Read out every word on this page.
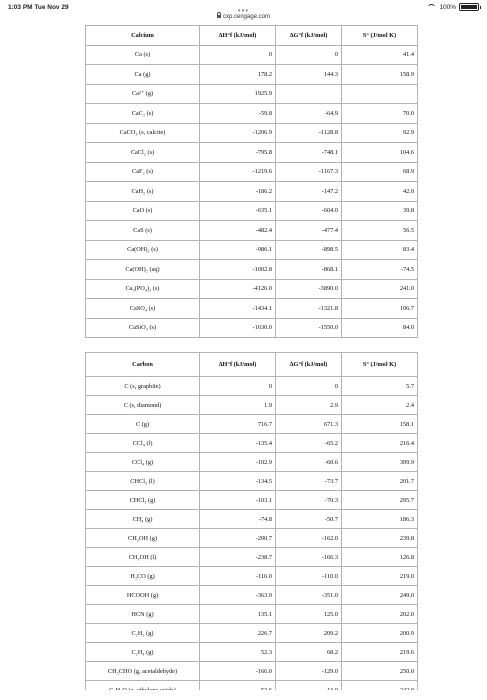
1:03 PM Tue Nov 29	100%
•••
cxp.cengage.com
Calcium	ΔH°f (kJ/mol)	ΔG°f (kJ/mol)	S° (J/mol K)
Ca (s)	0	0	41.4
Ca (g)	178.2	144.3	158.9
Ca²⁺ (g)	1925.9		
CaC₂ (s)	-59.8	-64.9	70.0
CaCO₃ (s, calcite)	-1206.9	-1128.8	92.9
CaCl₂ (s)	-795.8	-748.1	104.6
CaF₂ (s)	-1219.6	-1167.3	68.9
CaH₂ (s)	-186.2	-147.2	42.0
CaO (s)	-635.1	-604.0	39.8
CaS (s)	-482.4	-477.4	56.5
Ca(OH)₂ (s)	-986.1	-898.5	83.4
Ca(OH)₂ (aq)	-1002.8	-868.1	-74.5
Ca₃(PO₄)₂ (s)	-4126.0	-3890.0	241.0
CaSO₄ (s)	-1434.1	-1321.8	106.7
CaSiO₃ (s)	-1630.0	-1550.0	84.0
Carbon	ΔH°f (kJ/mol)	ΔG°f (kJ/mol)	S° (J/mol K)
C (s, graphite)	0	0	5.7
C (s, diamond)	1.9	2.9	2.4
C (g)	716.7	671.3	158.1
CCl₄ (l)	-135.4	-65.2	216.4
CCl₄ (g)	-102.9	-60.6	309.9
CHCl₃ (l)	-134.5	-73.7	201.7
CHCl₃ (g)	-103.1	-70.3	295.7
CH₄ (g)	-74.8	-50.7	186.3
CH₃OH (g)	-200.7	-162.0	239.8
CH₃OH (l)	-238.7	-166.3	126.8
H₂CO (g)	-116.0	-110.0	219.0
HCOOH (g)	-363.0	-351.0	249.0
HCN (g)	135.1	125.0	202.0
C₂H₂ (g)	226.7	209.2	200.9
C₂H₄ (g)	52.3	68.2	219.6
CH₃CHO (g, acetaldehyde)	-166.0	-129.0	250.0
